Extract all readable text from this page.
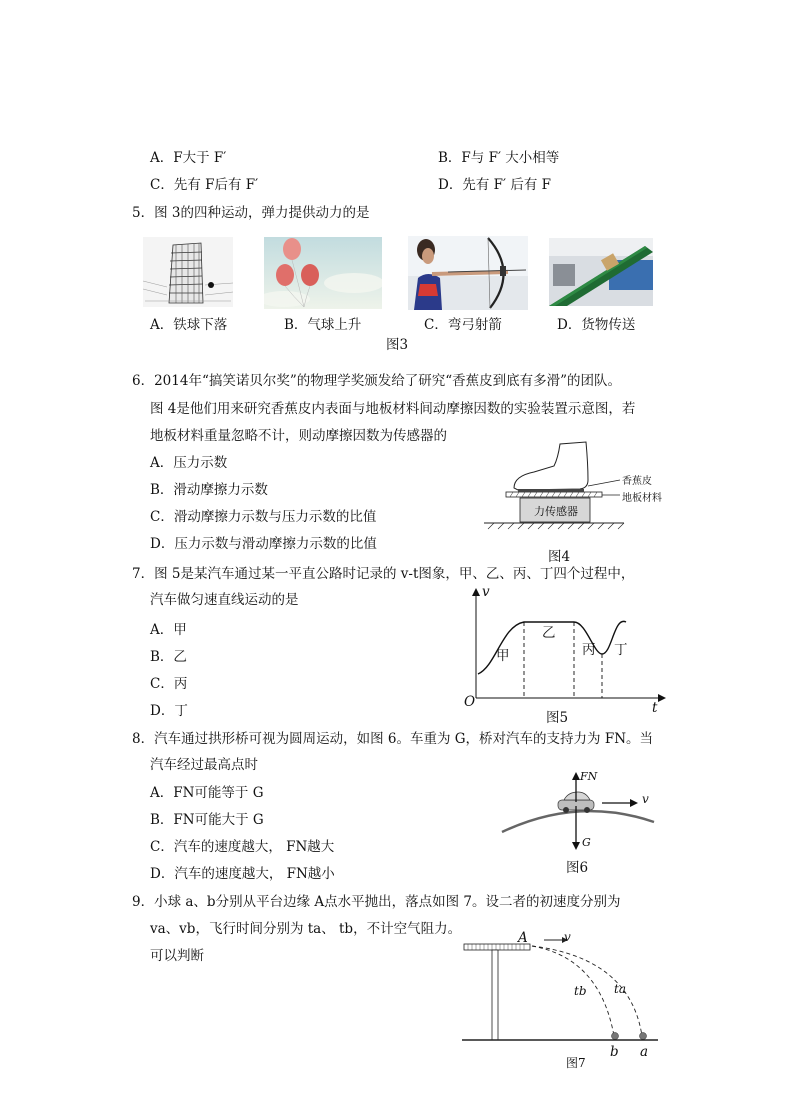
A．F大于 F′	B．F与 F′ 大小相等
C．先有 F后有 F′	D．先有 F′ 后有 F
5．图 3的四种运动，弹力提供动力的是
A．铁球下落	B．气球上升	C．弯弓射箭	D．货物传送
图3
6．2014年“搞笑诺贝尔奖”的物理学奖颁发给了研究“香蕉皮到底有多滑”的团队。
图 4是他们用来研究香蕉皮内表面与地板材料间动摩擦因数的实验装置示意图，若
地板材料重量忽略不计，则动摩擦因数为传感器的
A．压力示数
B．滑动摩擦力示数
C．滑动摩擦力示数与压力示数的比值
D．压力示数与滑动摩擦力示数的比值
香蕉皮
地板材料
力传感器
图4
7．图 5是某汽车通过某一平直公路时记录的 v-t图象，甲、乙、丙、丁四个过程中，
汽车做匀速直线运动的是
A．甲
B．乙
C．丙
D．丁
v
t
O
甲
乙
丙 丁
图5
8．汽车通过拱形桥可视为圆周运动，如图 6。车重为 G，桥对汽车的支持力为 FN。当
汽车经过最高点时
A．FN可能等于 G
B．FN可能大于 G
C．汽车的速度越大， FN越大
D．汽车的速度越大， FN越小
FN
G
v
图6
9．小球 a、b分别从平台边缘 A点水平抛出，落点如图 7。设二者的初速度分别为
va、vb，飞行时间分别为 ta、 tb，不计空气阻力。
可以判断
A	v
tb ta
b a
图7
